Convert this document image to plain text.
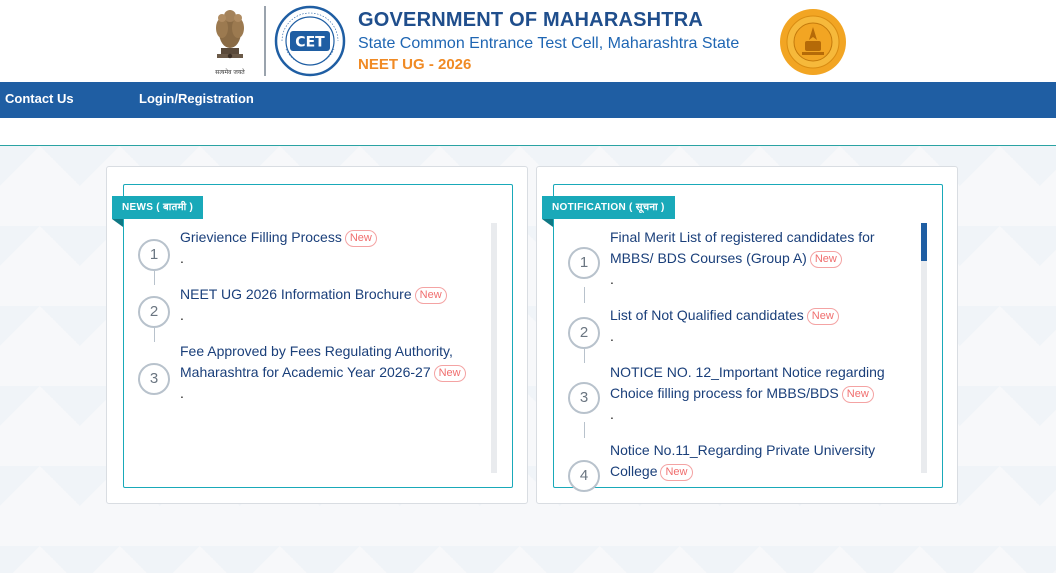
सत्यमेव जयते
CET
GOVERNMENT OF MAHARASHTRA
State Common Entrance Test Cell, Maharashtra State
NEET UG - 2026
Contact Us	Login/Registration
NEWS ( बातमी )
1
Grievience Filling Process New
.
2
NEET UG 2026 Information Brochure New
.
3
Fee Approved by Fees Regulating Authority, Maharashtra for Academic Year 2026-27 New
.
NOTIFICATION ( सूचना )
1
Final Merit List of registered candidates for MBBS/ BDS Courses (Group A) New
.
2
List of Not Qualified candidates New
.
3
NOTICE NO. 12_Important Notice regarding Choice filling process for MBBS/BDS New
.
4
Notice No.11_Regarding Private University College New
